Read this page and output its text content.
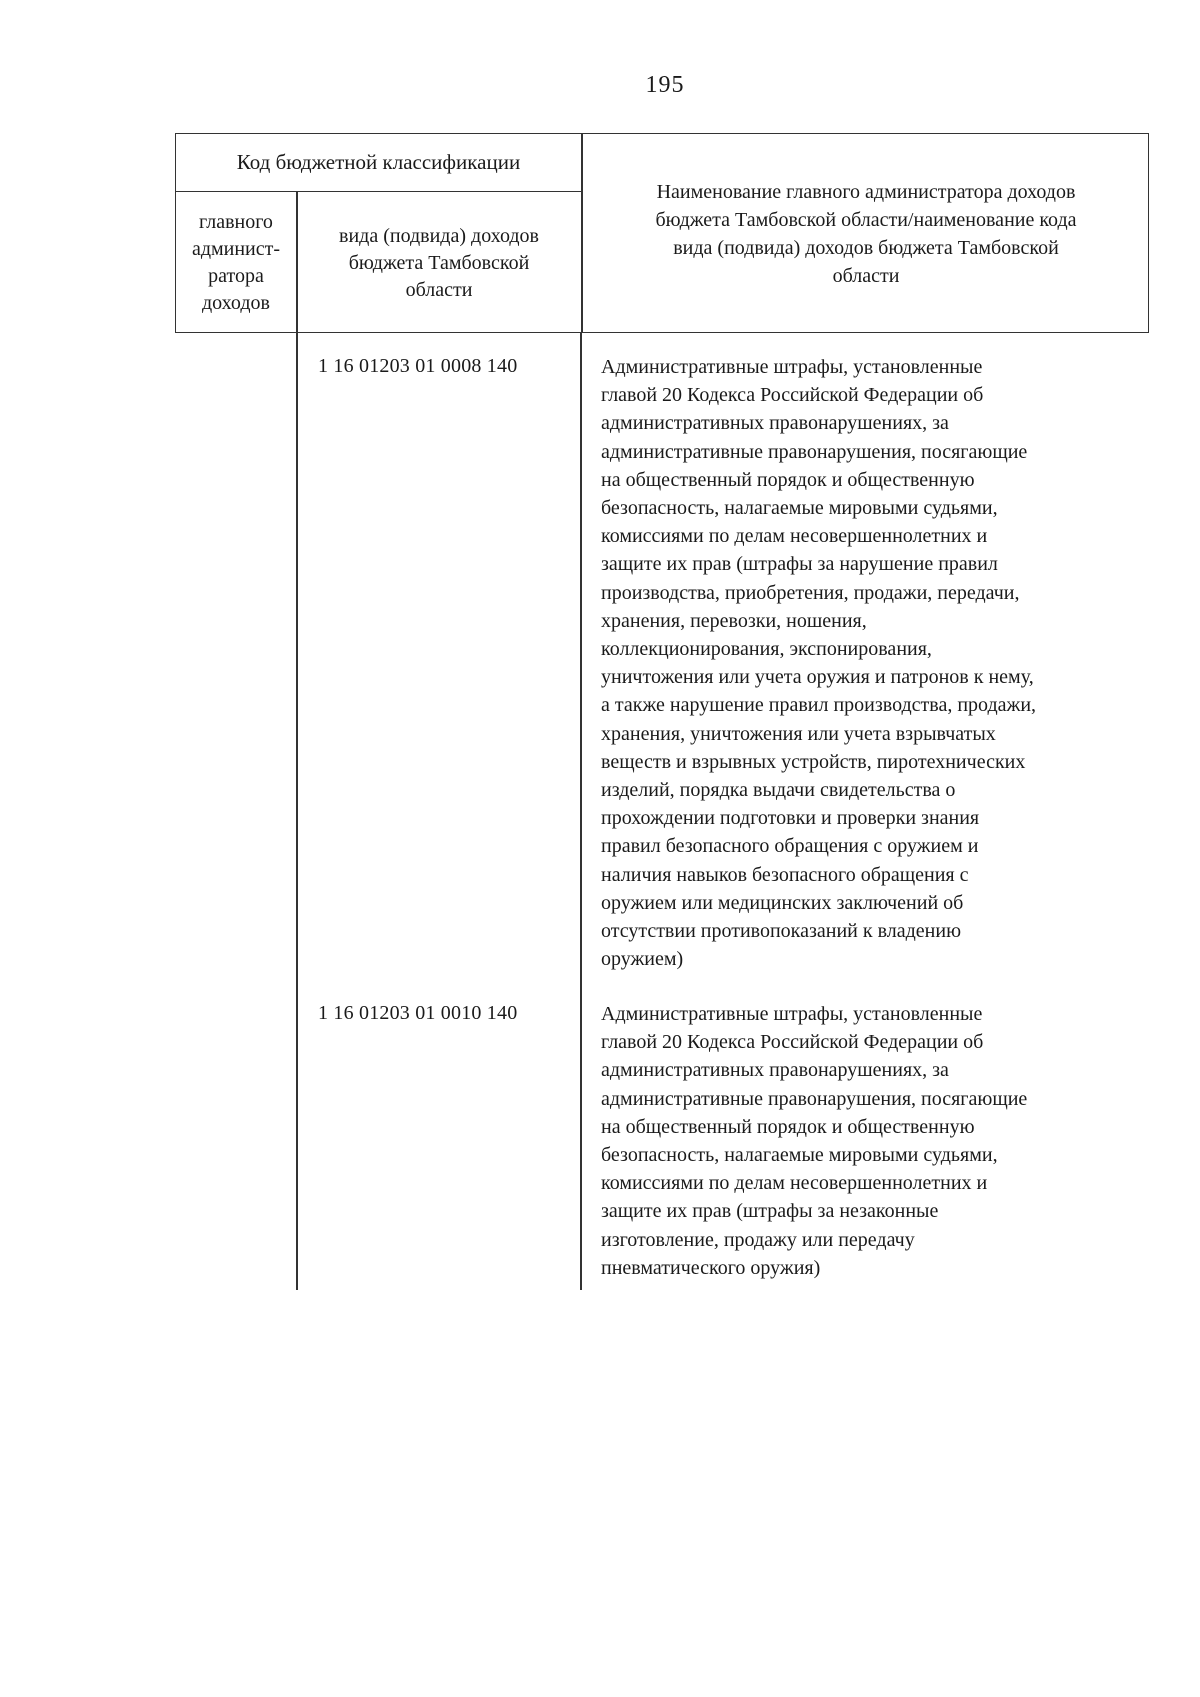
195
Код бюджетной классификации
главного
админист-
ратора
доходов
вида (подвида) доходов
бюджета Тамбовской
области
Наименование главного администратора доходов
бюджета Тамбовской области/наименование кода
вида (подвида) доходов бюджета Тамбовской
области
1 16 01203 01 0008 140	Административные штрафы, установленные
главой 20 Кодекса Российской Федерации об
административных правонарушениях, за
административные правонарушения, посягающие
на общественный порядок и общественную
безопасность, налагаемые мировыми судьями,
комиссиями по делам несовершеннолетних и
защите их прав (штрафы за нарушение правил
производства, приобретения, продажи, передачи,
хранения, перевозки, ношения,
коллекционирования, экспонирования,
уничтожения или учета оружия и патронов к нему,
а также нарушение правил производства, продажи,
хранения, уничтожения или учета взрывчатых
веществ и взрывных устройств, пиротехнических
изделий, порядка выдачи свидетельства о
прохождении подготовки и проверки знания
правил безопасного обращения с оружием и
наличия навыков безопасного обращения с
оружием или медицинских заключений об
отсутствии противопоказаний к владению
оружием)
1 16 01203 01 0010 140	Административные штрафы, установленные
главой 20 Кодекса Российской Федерации об
административных правонарушениях, за
административные правонарушения, посягающие
на общественный порядок и общественную
безопасность, налагаемые мировыми судьями,
комиссиями по делам несовершеннолетних и
защите их прав (штрафы за незаконные
изготовление, продажу или передачу
пневматического оружия)
